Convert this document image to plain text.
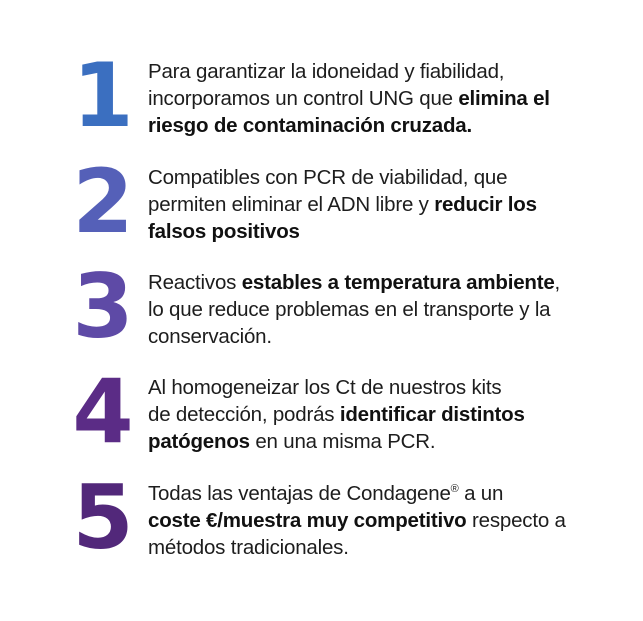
1 Para garantizar la idoneidad y fiabilidad,
incorporamos un control UNG que elimina el
riesgo de contaminación cruzada.
2 Compatibles con PCR de viabilidad, que
permiten eliminar el ADN libre y reducir los
falsos positivos
3 Reactivos estables a temperatura ambiente,
lo que reduce problemas en el transporte y la
conservación.
4 Al homogeneizar los Ct de nuestros kits
de detección, podrás identificar distintos
patógenos en una misma PCR.
5 Todas las ventajas de Condagene® a un
coste €/muestra muy competitivo respecto a
métodos tradicionales.
